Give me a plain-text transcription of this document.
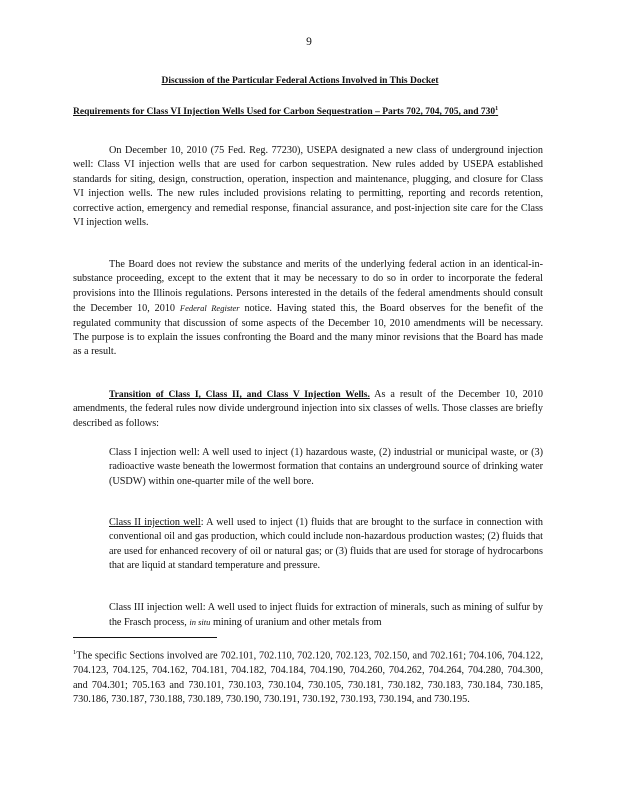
9
Discussion of the Particular Federal Actions Involved in This Docket
Requirements for Class VI Injection Wells Used for Carbon Sequestration – Parts 702, 704, 705, and $730^1$

On December 10, 2010 (75 Fed. Reg. 77230), USEPA designated a new class of underground injection well: Class VI injection wells that are used for carbon sequestration. New rules added by USEPA established standards for siting, design, construction, operation, inspection and maintenance, plugging, and closure for Class VI injection wells. The new rules included provisions relating to permitting, reporting and records retention, corrective action, emergency and remedial response, financial assurance, and post-injection site care for the Class VI injection wells.

The Board does not review the substance and merits of the underlying federal action in an identical-in-substance proceeding, except to the extent that it may be necessary to do so in order to incorporate the federal provisions into the Illinois regulations. Persons interested in the details of the federal amendments should consult the December 10, 2010 Federal Register notice. Having stated this, the Board observes for the benefit of the regulated community that discussion of some aspects of the December 10, 2010 amendments will be necessary. The purpose is to explain the issues confronting the Board and the many minor revisions that the Board has made as a result.

Transition of Class I, Class II, and Class V Injection Wells. As a result of the December 10, 2010 amendments, the federal rules now divide underground injection into six classes of wells. Those classes are briefly described as follows:

Class I injection well: A well used to inject (1) hazardous waste, (2) industrial or municipal waste, or (3) radioactive waste beneath the lowermost formation that contains an underground source of drinking water (USDW) within one-quarter mile of the well bore.

Class II injection well: A well used to inject (1) fluids that are brought to the surface in connection with conventional oil and gas production, which could include non-hazardous production wastes; (2) fluids that are used for enhanced recovery of oil or natural gas; or (3) fluids that are used for storage of hydrocarbons that are liquid at standard temperature and pressure.

Class III injection well: A well used to inject fluids for extraction of minerals, such as mining of sulfur by the Frasch process, in situ mining of uranium and other metals from

$^1$The specific Sections involved are 702.101, 702.110, 702.120, 702.123, 702.150, and 702.161; 704.106, 704.122, 704.123, 704.125, 704.162, 704.181, 704.182, 704.184, 704.190, 704.260, 704.262, 704.264, 704.280, 704.300, and 704.301; 705.163 and 730.101, 730.103, 730.104, 730.105, 730.181, 730.182, 730.183, 730.184, 730.185, 730.186, 730.187, 730.188, 730.189, 730.190, 730.191, 730.192, 730.193, 730.194, and 730.195.
